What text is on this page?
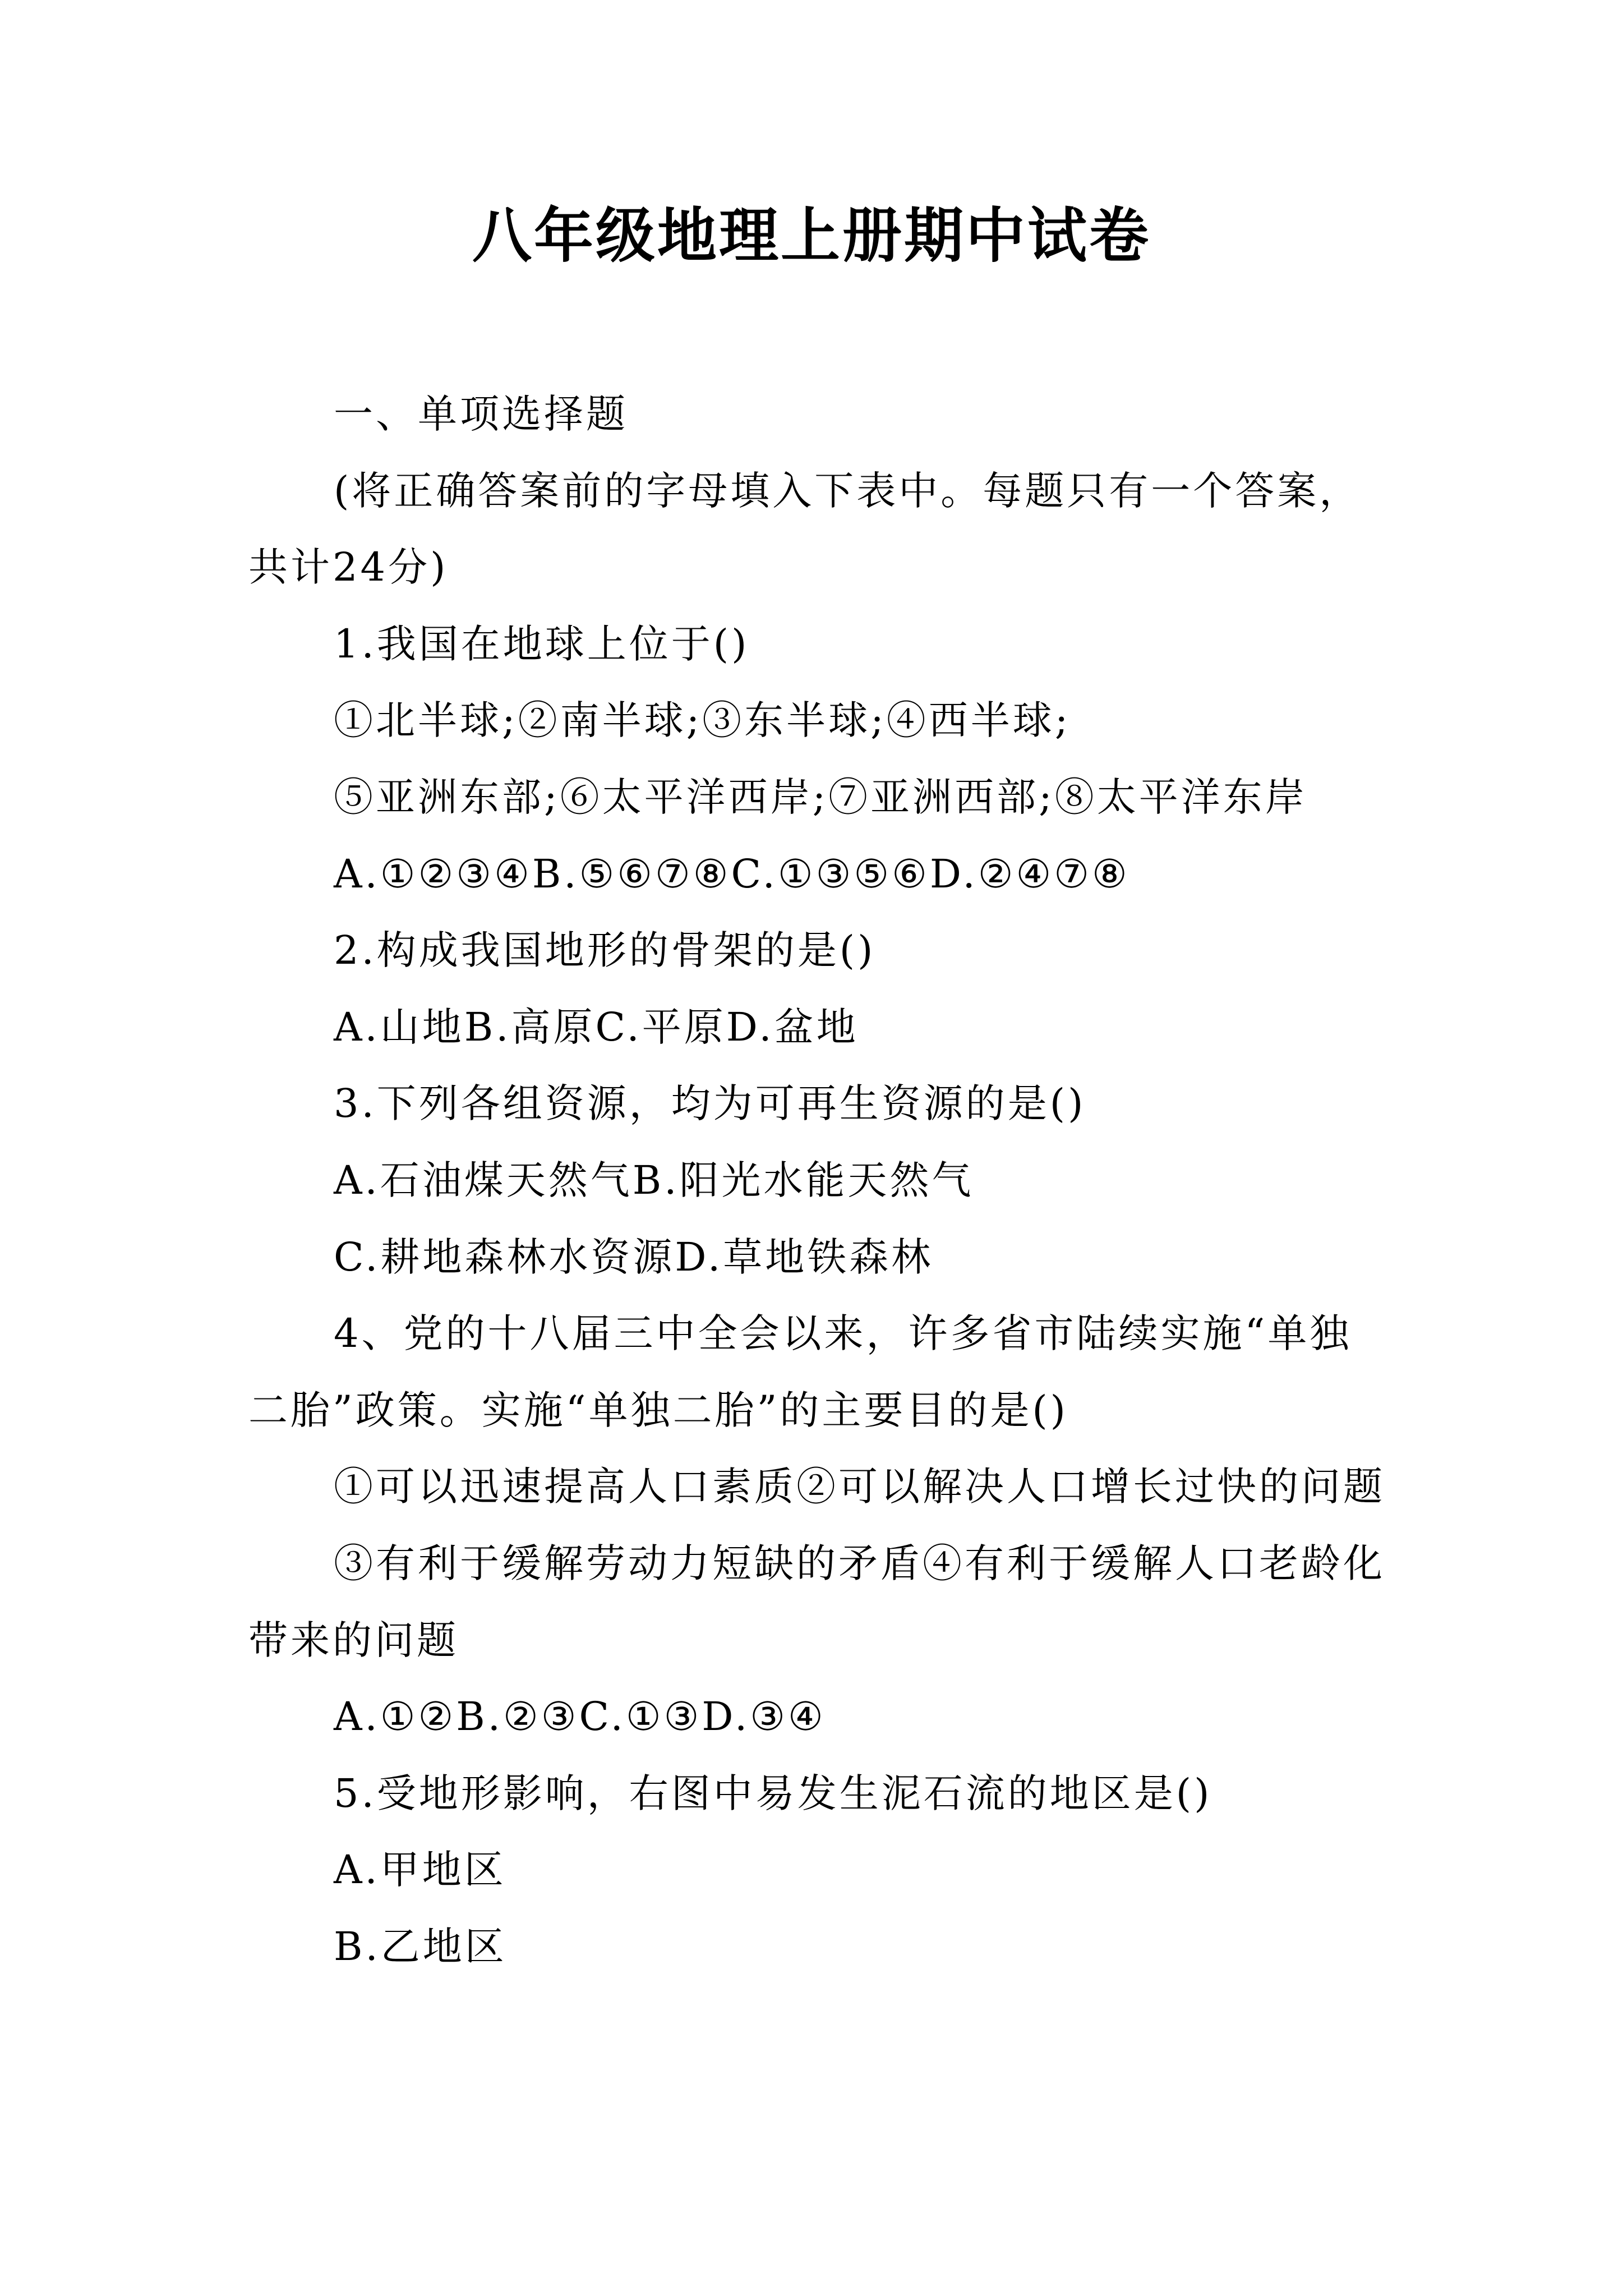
八年级地理上册期中试卷

一、单项选择题

(将正确答案前的字母填入下表中。每题只有一个答案，共计24分)

1.我国在地球上位于()

①北半球;②南半球;③东半球;④西半球;

⑤亚洲东部;⑥太平洋西岸;⑦亚洲西部;⑧太平洋东岸

A.①②③④B.⑤⑥⑦⑧C.①③⑤⑥D.②④⑦⑧

2.构成我国地形的骨架的是()

A.山地B.高原C.平原D.盆地

3.下列各组资源，均为可再生资源的是()

A.石油煤天然气B.阳光水能天然气

C.耕地森林水资源D.草地铁森林

4、党的十八届三中全会以来，许多省市陆续实施“单独二胎”政策。实施“单独二胎”的主要目的是()

①可以迅速提高人口素质②可以解决人口增长过快的问题

③有利于缓解劳动力短缺的矛盾④有利于缓解人口老龄化带来的问题

A.①②B.②③C.①③D.③④

5.受地形影响，右图中易发生泥石流的地区是()

A.甲地区

B.乙地区
